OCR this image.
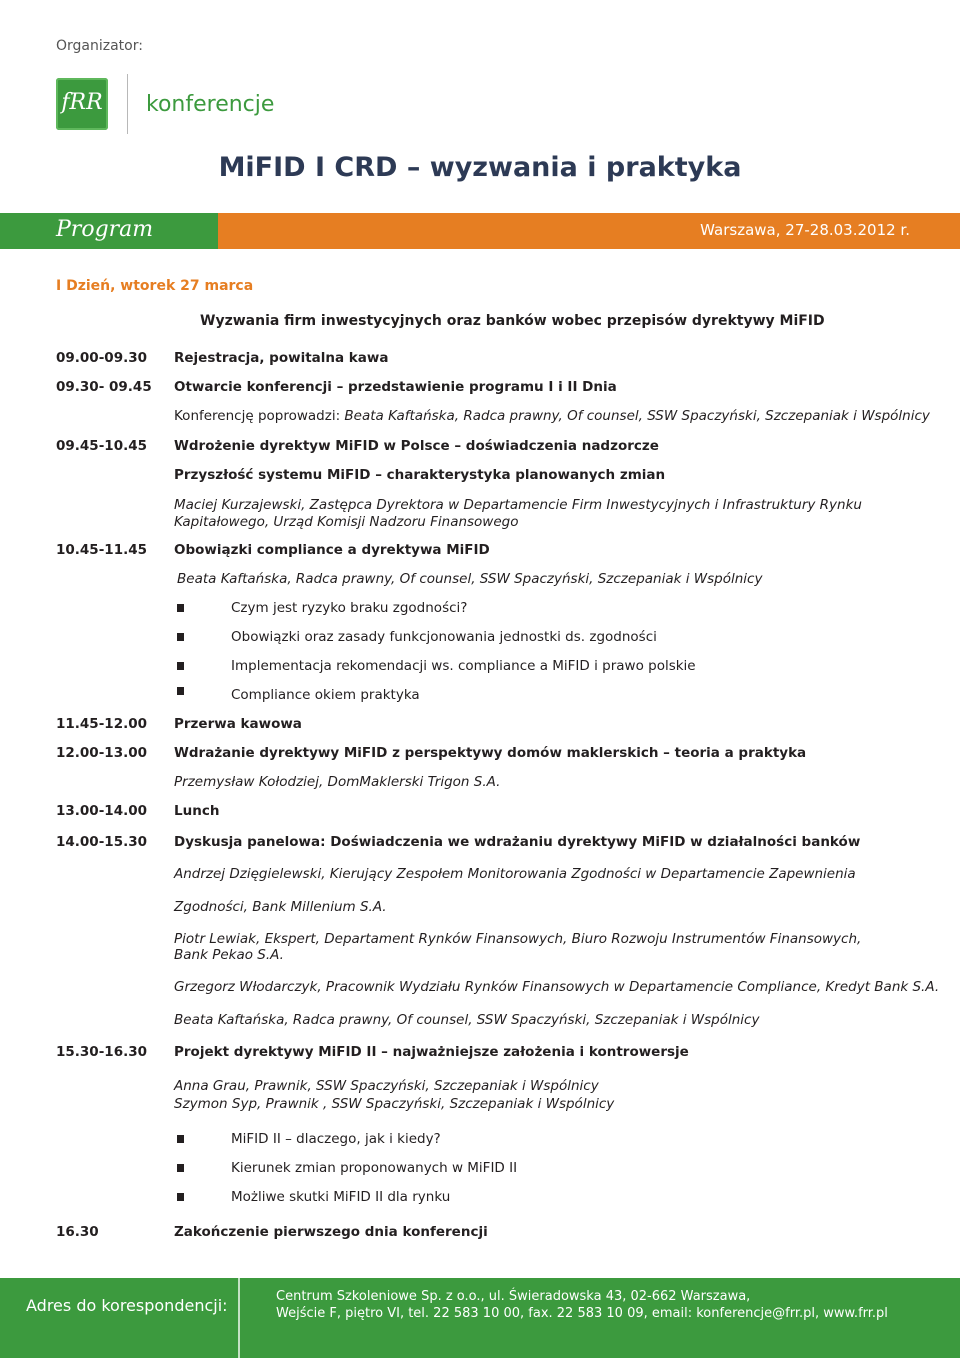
Organizator:
fRR konferencje
MiFID I CRD – wyzwania i praktyka
Program	Warszawa, 27-28.03.2012 r.
I Dzień, wtorek 27 marca
Wyzwania firm inwestycyjnych oraz banków wobec przepisów dyrektywy MiFID
09.00-09.30 Rejestracja, powitalna kawa
09.30- 09.45 Otwarcie konferencji – przedstawienie programu I i II Dnia
Konferencję poprowadzi: Beata Kaftańska, Radca prawny, Of counsel, SSW Spaczyński, Szczepaniak i Wspólnicy
09.45-10.45 Wdrożenie dyrektyw MiFID w Polsce – doświadczenia nadzorcze
Przyszłość systemu MiFID – charakterystyka planowanych zmian
Maciej Kurzajewski, Zastępca Dyrektora w Departamencie Firm Inwestycyjnych i Infrastruktury Rynku
Kapitałowego, Urząd Komisji Nadzoru Finansowego
10.45-11.45 Obowiązki compliance a dyrektywa MiFID
Beata Kaftańska, Radca prawny, Of counsel, SSW Spaczyński, Szczepaniak i Wspólnicy
Czym jest ryzyko braku zgodności?
Obowiązki oraz zasady funkcjonowania jednostki ds. zgodności
Implementacja rekomendacji ws. compliance a MiFID i prawo polskie
Compliance okiem praktyka
11.45-12.00 Przerwa kawowa
12.00-13.00 Wdrażanie dyrektywy MiFID z perspektywy domów maklerskich – teoria a praktyka
Przemysław Kołodziej, DomMaklerski Trigon S.A.
13.00-14.00 Lunch
14.00-15.30 Dyskusja panelowa: Doświadczenia we wdrażaniu dyrektywy MiFID w działalności banków
Andrzej Dzięgielewski, Kierujący Zespołem Monitorowania Zgodności w Departamencie Zapewnienia
Zgodności, Bank Millenium S.A.
Piotr Lewiak, Ekspert, Departament Rynków Finansowych, Biuro Rozwoju Instrumentów Finansowych,
Bank Pekao S.A.
Grzegorz Włodarczyk, Pracownik Wydziału Rynków Finansowych w Departamencie Compliance, Kredyt Bank S.A.
Beata Kaftańska, Radca prawny, Of counsel, SSW Spaczyński, Szczepaniak i Wspólnicy
15.30-16.30 Projekt dyrektywy MiFID II – najważniejsze założenia i kontrowersje
Anna Grau, Prawnik, SSW Spaczyński, Szczepaniak i Wspólnicy
Szymon Syp, Prawnik , SSW Spaczyński, Szczepaniak i Wspólnicy
MiFID II – dlaczego, jak i kiedy?
Kierunek zmian proponowanych w MiFID II
Możliwe skutki MiFID II dla rynku
16.30	Zakończenie pierwszego dnia konferencji
Adres do korespondencji:	Centrum Szkoleniowe Sp. z o.o., ul. Świeradowska 43, 02-662 Warszawa,
Wejście F, piętro VI, tel. 22 583 10 00, fax. 22 583 10 09, email: konferencje@frr.pl, www.frr.pl
